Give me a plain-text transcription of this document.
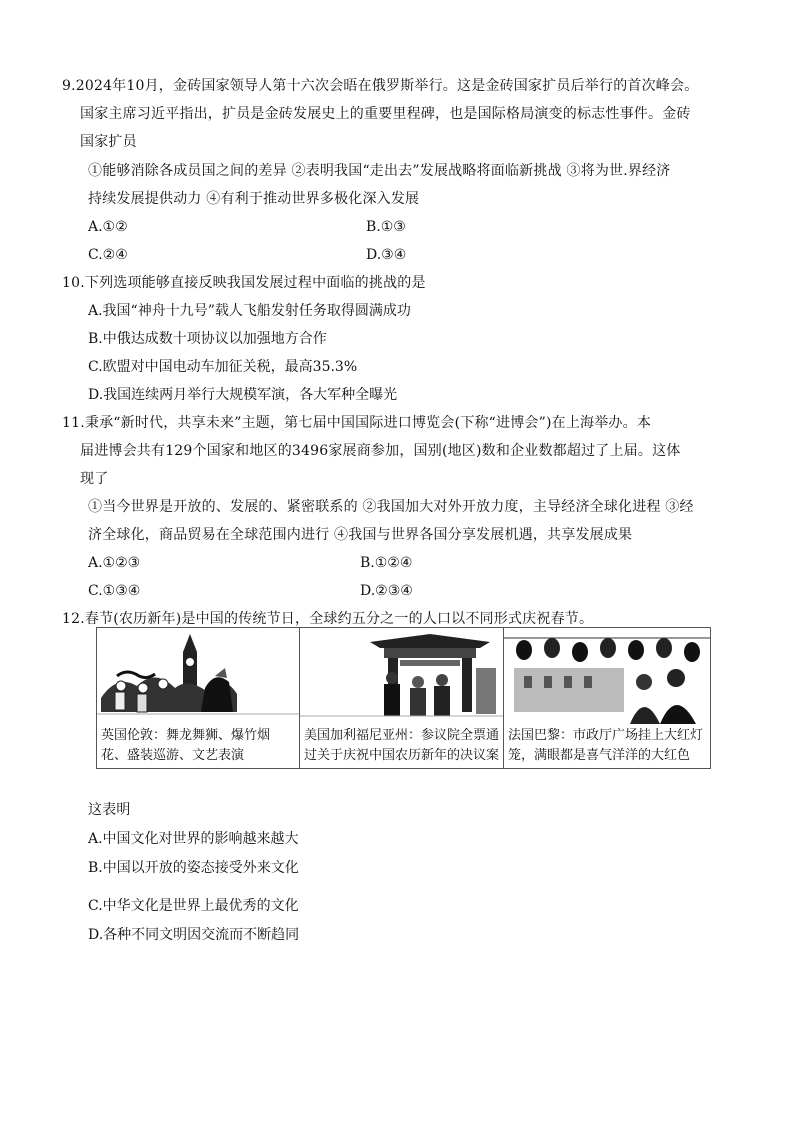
9.2024年10月，金砖国家领导人第十六次会晤在俄罗斯举行。这是金砖国家扩员后举行的首次峰会。
国家主席习近平指出，扩员是金砖发展史上的重要里程碑，也是国际格局演变的标志性事件。金砖
国家扩员
①能够消除各成员国之间的差异 ②表明我国“走出去”发展战略将面临新挑战 ③将为世.界经济
持续发展提供动力 ④有利于推动世界多极化深入发展
A.①②	B.①③
C.②④	D.③④
10.下列选项能够直接反映我国发展过程中面临的挑战的是
A.我国“神舟十九号”载人飞船发射任务取得圆满成功
B.中俄达成数十项协议以加强地方合作
C.欧盟对中国电动车加征关税，最高35.3%
D.我国连续两月举行大规模军演，各大军种全曝光
11.秉承“新时代，共享未来”主题，第七届中国国际进口博览会(下称“进博会”)在上海举办。本
届进博会共有129个国家和地区的3496家展商参加，国别(地区)数和企业数都超过了上届。这体
现了
①当今世界是开放的、发展的、紧密联系的 ②我国加大对外开放力度，主导经济全球化进程 ③经
济全球化，商品贸易在全球范围内进行 ④我国与世界各国分享发展机遇，共享发展成果
A.①②③	B.①②④
C.①③④	D.②③④
12.春节(农历新年)是中国的传统节日，全球约五分之一的人口以不同形式庆祝春节。
英国伦敦：舞龙舞狮、爆竹烟花、盛装巡游、文艺表演

美国加利福尼亚州：参议院全票通过关于庆祝中国农历新年的决议案

法国巴黎：市政厅广场挂上大红灯笼，满眼都是喜气洋洋的大红色
这表明
A.中国文化对世界的影响越来越大
B.中国以开放的姿态接受外来文化
C.中华文化是世界上最优秀的文化
D.各种不同文明因交流而不断趋同
